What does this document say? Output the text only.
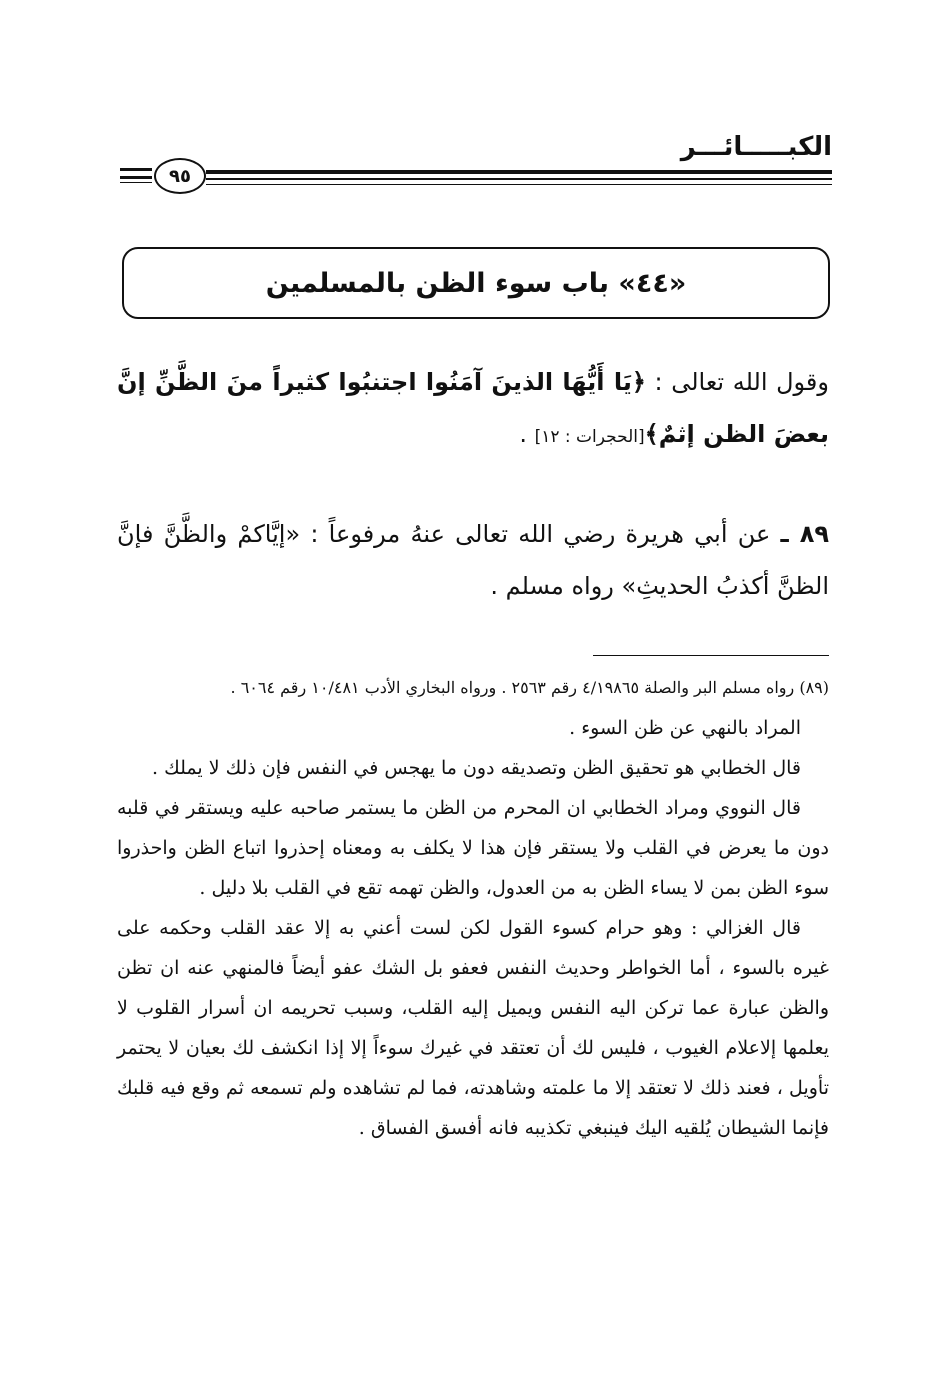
الكبـــــائـــر
٩٥
«٤٤» باب سوء الظن بالمسلمين
وقول الله تعالى : ﴿يَا أَيُّهَا الذينَ آمَنُوا اجتنبُوا كثيراً منَ الظَّنِّ إنَّ بعضَ الظن إثمٌ﴾[الحجرات : ١٢] .
٨٩ ـ عن أبي هريرة رضي الله تعالى عنهُ مرفوعاً : «إيَّاكمْ والظَّنَّ فإنَّ الظنَّ أكذبُ الحديثِ» رواه مسلم .

(٨٩) رواه مسلم البر والصلة ٤/١٩٨٦٥ رقم ٢٥٦٣ . ورواه البخاري الأدب ١٠/٤٨١ رقم ٦٠٦٤ .

المراد بالنهي عن ظن السوء .

قال الخطابي هو تحقيق الظن وتصديقه دون ما يهجس في النفس فإن ذلك لا يملك .

قال النووي ومراد الخطابي ان المحرم من الظن ما يستمر صاحبه عليه ويستقر في قلبه دون ما يعرض في القلب ولا يستقر فإن هذا لا يكلف به ومعناه إحذروا اتباع الظن واحذروا سوء الظن بمن لا يساء الظن به من العدول، والظن تهمه تقع في القلب بلا دليل .

قال الغزالي : وهو حرام كسوء القول لكن لست أعني به إلا عقد القلب وحكمه على غيره بالسوء ، أما الخواطر وحديث النفس فعفو بل الشك عفو أيضاً فالمنهي عنه ان تظن والظن عبارة عما تركن اليه النفس ويميل إليه القلب، وسبب تحريمه ان أسرار القلوب لا يعلمها إلاعلام الغيوب ، فليس لك أن تعتقد في غيرك سوءاً إلا إذا انكشف لك بعيان لا يحتمر تأويل ، فعند ذلك لا تعتقد إلا ما علمته وشاهدته، فما لم تشاهده ولم تسمعه ثم وقع فيه قلبك فإنما الشيطان يُلقيه اليك فينبغي تكذيبه فانه أفسق الفساق .
